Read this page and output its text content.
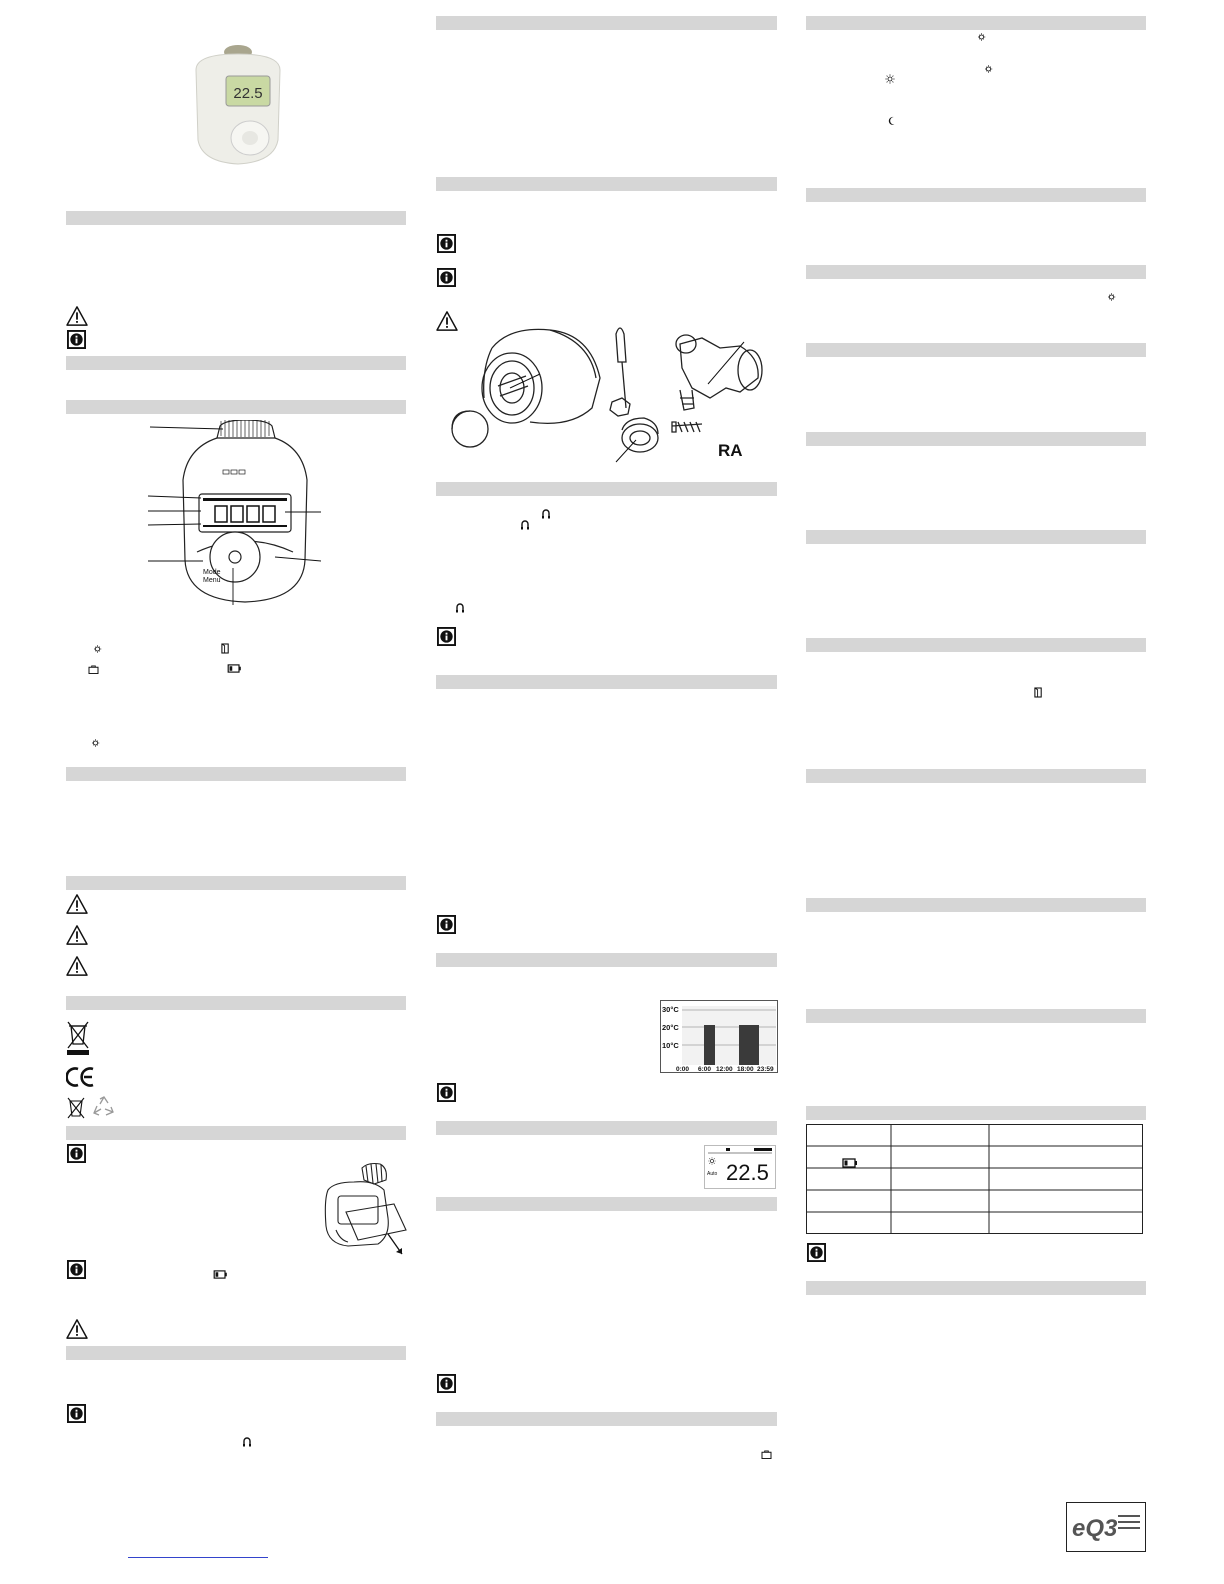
22.5
Mode
Menu
RA
30°C
20°C
10°C
0:00 6:00 12:00 18:00 23:59
Auto 22.5
eQ3
